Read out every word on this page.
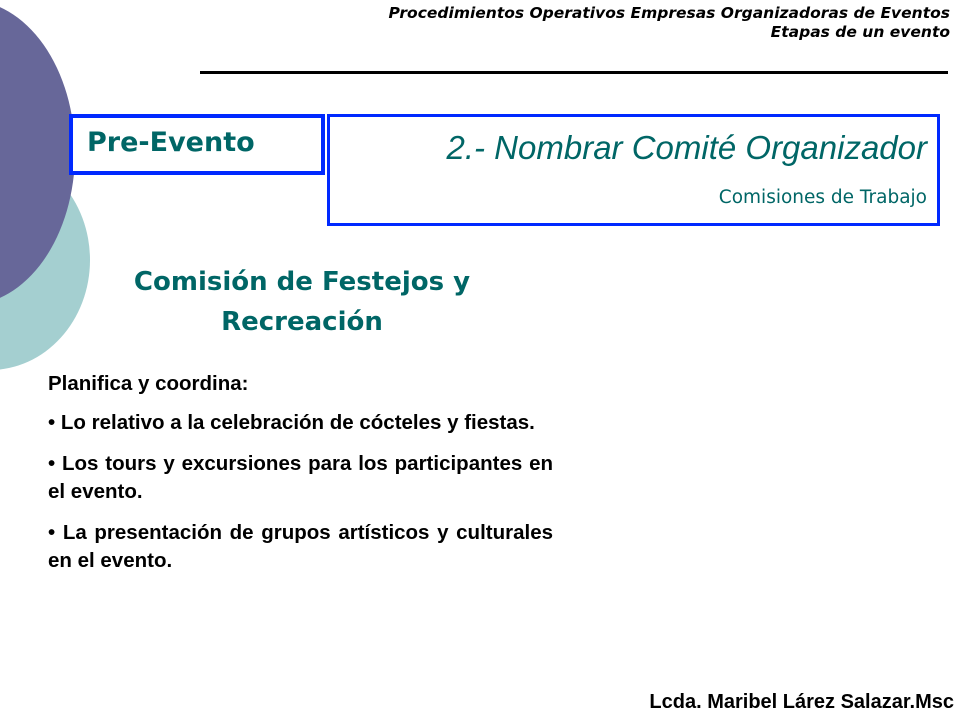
Procedimientos Operativos Empresas Organizadoras de Eventos
Etapas de un evento
2.- Nombrar Comité Organizador
Comisiones de Trabajo
Pre-Evento
Comisión de Festejos y
Recreación

Planifica y coordina:

• Lo relativo a la celebración de cócteles y fiestas.

• Los tours y excursiones para los participantes en el evento.

• La presentación de grupos artísticos y culturales en el evento.

Lcda. Maribel Lárez Salazar.Msc
